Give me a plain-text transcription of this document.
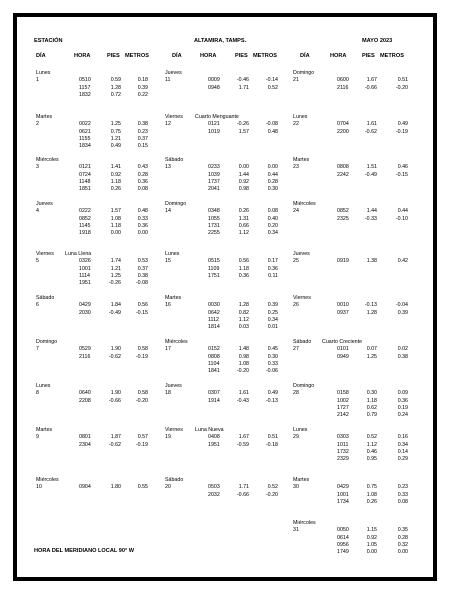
ESTACIÓN	ALTAMIRA, TAMPS.	MAYO 2023
DÍA	HORA	PIES METROS	DÍA	HORA	PIES METROS	DÍA	HORA	PIES METROS
HORA DEL MERIDIANO LOCAL 90° W
Lunes
1	0510	0.59	0.18
1157	1.28	0.39
1832	0.72	0.22
Martes
2	0022	1.25	0.38
0621	0.75	0.23
1155	1.21	0.37
1834	0.49	0.15
Miércoles
3	0121	1.41	0.43
0724	0.92	0.28
1148	1.18	0.36
1851	0.26	0.08
Jueves
4	0222	1.57	0.48
0852	1.08	0.33
1145	1.18	0.36
1918	0.00	0.00
Viernes Luna Llena
5	0326	1.74	0.53
1001	1.21	0.37
1114	1.25	0.38
1951	-0.26	-0.08
Sábado
6	0429	1.84	0.56
2030	-0.49	-0.15
Domingo
7	0529	1.90	0.58
2116	-0.62	-0.19
Lunes
8	0640	1.90	0.58
2208	-0.66	-0.20
Martes
9	0801	1.87	0.57
2304	-0.62	-0.19
Miércoles
10	0904	1.80	0.55
Jueves
11	0009	-0.46	-0.14
0948	1.71	0.52
Viernes Cuarto Menguante
12	0121	-0.26	-0.08
1019	1.57	0.48
Sábado
13	0233	0.00	0.00
1039	1.44	0.44
1737	0.92	0.28
2041	0.98	0.30
Domingo
14	0348	0.26	0.08
1055	1.31	0.40
1731	0.66	0.20
2255	1.12	0.34
Lunes
15	0515	0.56	0.17
1109	1.18	0.36
1751	0.36	0.11
Martes
16	0030	1.28	0.39
0642	0.82	0.25
1112	1.12	0.34
1814	0.03	0.01
Miércoles
17	0152	1.48	0.45
0808	0.98	0.30
1104	1.08	0.33
1841	-0.20	-0.06
Jueves
18	0307	1.61	0.49
1914	-0.43	-0.13
Viernes Luna Nueva
19	0408	1.67	0.51
1951	-0.59	-0.18
Sábado
20	0503	1.71	0.52
2032	-0.66	-0.20
Domingo
21	0600	1.67	0.51
2116	-0.66	-0.20
Lunes
22	0704	1.61	0.49
2200	-0.62	-0.19
Martes
23	0808	1.51	0.46
2242	-0.49	-0.15
Miércoles
24	0852	1.44	0.44
2325	-0.33	-0.10
Jueves
25	0919	1.38	0.42
Viernes
26	0010	-0.13	-0.04
0937	1.28	0.39
Sábado Cuarto Creciente
27	0101	0.07	0.02
0949	1.25	0.38
Domingo
28	0158	0.30	0.09
1002	1.18	0.36
1727	0.62	0.19
2142	0.79	0.24
Lunes
29	0303	0.52	0.16
1011	1.12	0.34
1732	0.46	0.14
2329	0.95	0.29
Martes
30	0429	0.75	0.23
1001	1.08	0.33
1734	0.26	0.08
Miércoles
31	0050	1.15	0.35
0614	0.92	0.28
0956	1.05	0.32
1749	0.00	0.00
